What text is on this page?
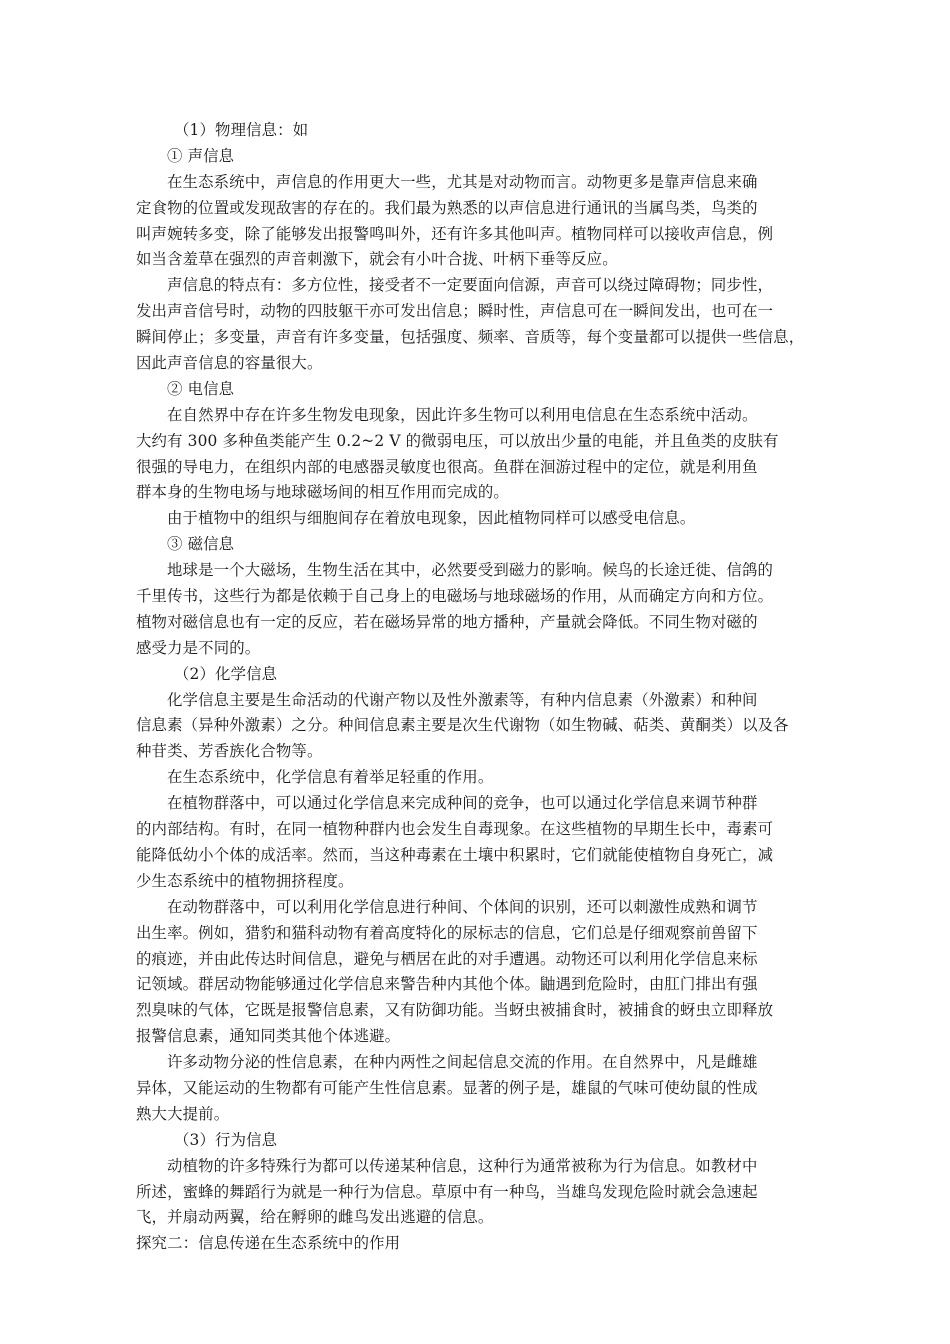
（1）物理信息：如
① 声信息
在生态系统中，声信息的作用更大一些，尤其是对动物而言。动物更多是靠声信息来确
定食物的位置或发现敌害的存在的。我们最为熟悉的以声信息进行通讯的当属鸟类，鸟类的
叫声婉转多变，除了能够发出报警鸣叫外，还有许多其他叫声。植物同样可以接收声信息，例
如当含羞草在强烈的声音刺激下，就会有小叶合拢、叶柄下垂等反应。
声信息的特点有：多方位性，接受者不一定要面向信源，声音可以绕过障碍物；同步性，
发出声音信号时，动物的四肢躯干亦可发出信息；瞬时性，声信息可在一瞬间发出，也可在一
瞬间停止；多变量，声音有许多变量，包括强度、频率、音质等，每个变量都可以提供一些信息，
因此声音信息的容量很大。
② 电信息
在自然界中存在许多生物发电现象，因此许多生物可以利用电信息在生态系统中活动。
大约有 300 多种鱼类能产生 0.2~2 V 的微弱电压，可以放出少量的电能，并且鱼类的皮肤有
很强的导电力，在组织内部的电感器灵敏度也很高。鱼群在洄游过程中的定位，就是利用鱼
群本身的生物电场与地球磁场间的相互作用而完成的。
由于植物中的组织与细胞间存在着放电现象，因此植物同样可以感受电信息。
③ 磁信息
地球是一个大磁场，生物生活在其中，必然要受到磁力的影响。候鸟的长途迁徙、信鸽的
千里传书，这些行为都是依赖于自己身上的电磁场与地球磁场的作用，从而确定方向和方位。
植物对磁信息也有一定的反应，若在磁场异常的地方播种，产量就会降低。不同生物对磁的
感受力是不同的。
（2）化学信息
化学信息主要是生命活动的代谢产物以及性外激素等，有种内信息素（外激素）和种间
信息素（异种外激素）之分。种间信息素主要是次生代谢物（如生物碱、萜类、黄酮类）以及各
种苷类、芳香族化合物等。
在生态系统中，化学信息有着举足轻重的作用。
在植物群落中，可以通过化学信息来完成种间的竞争，也可以通过化学信息来调节种群
的内部结构。有时，在同一植物种群内也会发生自毒现象。在这些植物的早期生长中，毒素可
能降低幼小个体的成活率。然而，当这种毒素在土壤中积累时，它们就能使植物自身死亡，减
少生态系统中的植物拥挤程度。
在动物群落中，可以利用化学信息进行种间、个体间的识别，还可以刺激性成熟和调节
出生率。例如，猎豹和猫科动物有着高度特化的尿标志的信息，它们总是仔细观察前兽留下
的痕迹，并由此传达时间信息，避免与栖居在此的对手遭遇。动物还可以利用化学信息来标
记领域。群居动物能够通过化学信息来警告种内其他个体。鼬遇到危险时，由肛门排出有强
烈臭味的气体，它既是报警信息素，又有防御功能。当蚜虫被捕食时，被捕食的蚜虫立即释放
报警信息素，通知同类其他个体逃避。
许多动物分泌的性信息素，在种内两性之间起信息交流的作用。在自然界中，凡是雌雄
异体，又能运动的生物都有可能产生性信息素。显著的例子是，雄鼠的气味可使幼鼠的性成
熟大大提前。
（3）行为信息
动植物的许多特殊行为都可以传递某种信息，这种行为通常被称为行为信息。如教材中
所述，蜜蜂的舞蹈行为就是一种行为信息。草原中有一种鸟，当雄鸟发现危险时就会急速起
飞，并扇动两翼，给在孵卵的雌鸟发出逃避的信息。
探究二：信息传递在生态系统中的作用
